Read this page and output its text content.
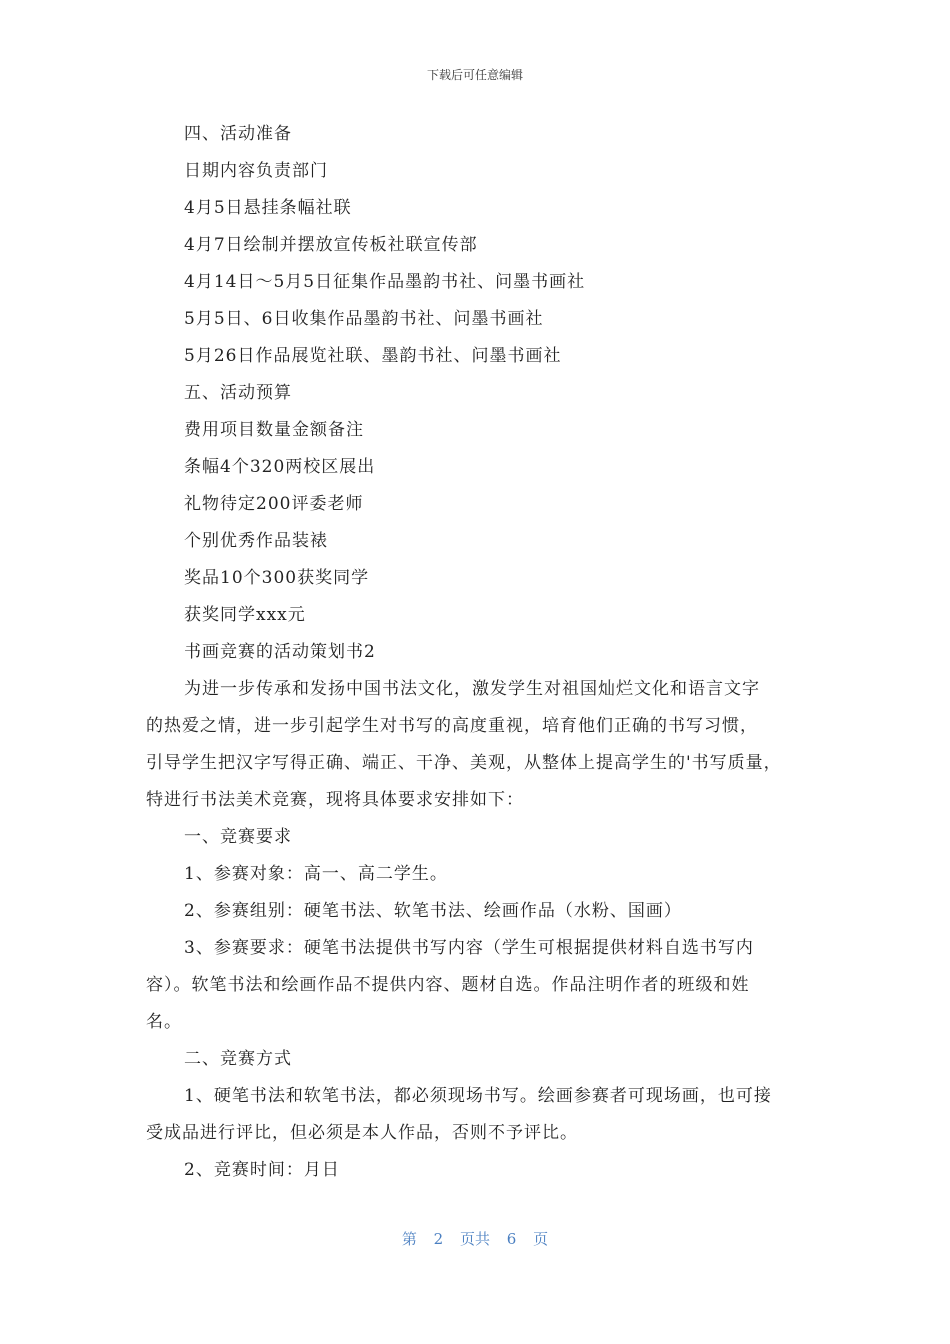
下载后可任意编辑
四、活动准备
日期内容负责部门
4月5日悬挂条幅社联
4月7日绘制并摆放宣传板社联宣传部
4月14日～5月5日征集作品墨韵书社、问墨书画社
5月5日、6日收集作品墨韵书社、问墨书画社
5月26日作品展览社联、墨韵书社、问墨书画社
五、活动预算
费用项目数量金额备注
条幅4个320两校区展出
礼物待定200评委老师
个别优秀作品装裱
奖品10个300获奖同学
获奖同学xxx元
书画竞赛的活动策划书2
为进一步传承和发扬中国书法文化，激发学生对祖国灿烂文化和语言文字
的热爱之情，进一步引起学生对书写的高度重视，培育他们正确的书写习惯，
引导学生把汉字写得正确、端正、干净、美观，从整体上提高学生的'书写质量，
特进行书法美术竞赛，现将具体要求安排如下：
一、竞赛要求
1、参赛对象：高一、高二学生。
2、参赛组别：硬笔书法、软笔书法、绘画作品（水粉、国画）
3、参赛要求：硬笔书法提供书写内容（学生可根据提供材料自选书写内
容）。软笔书法和绘画作品不提供内容、题材自选。作品注明作者的班级和姓
名。
二、竞赛方式
1、硬笔书法和软笔书法，都必须现场书写。绘画参赛者可现场画，也可接
受成品进行评比，但必须是本人作品，否则不予评比。
2、竞赛时间：月日
第 2 页共 6 页
